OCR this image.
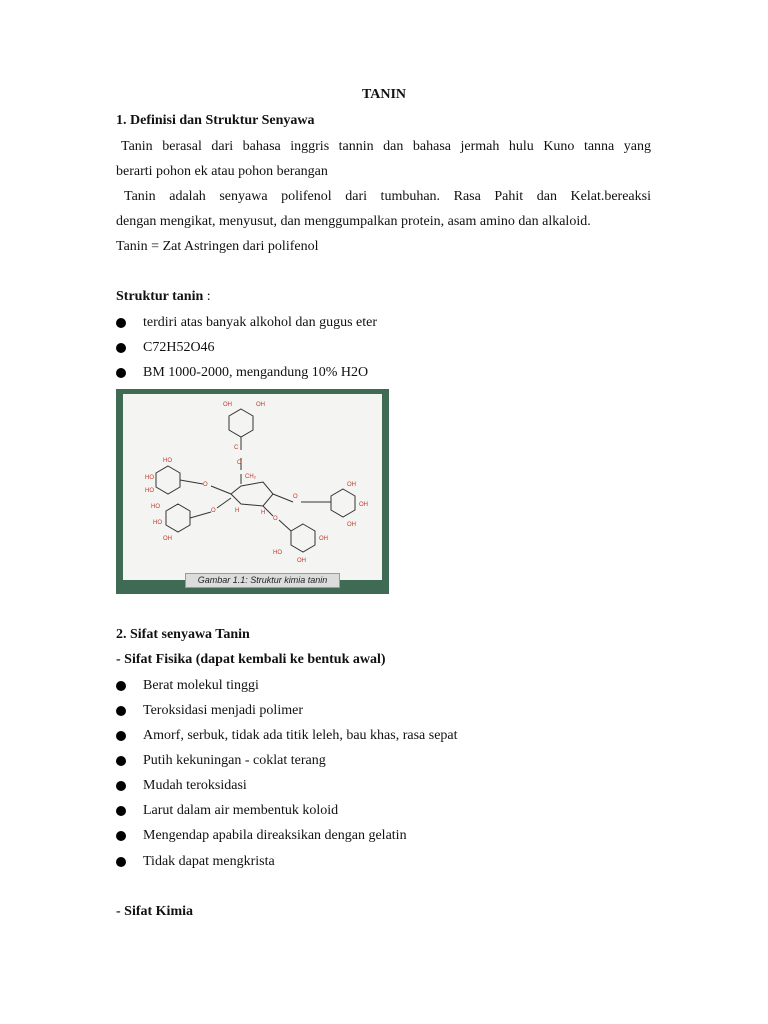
TANIN
1. Definisi dan Struktur Senyawa
Tanin berasal dari bahasa inggris tannin dan bahasa jermah hulu Kuno tanna yang
berarti pohon ek atau pohon berangan
Tanin adalah senyawa polifenol dari tumbuhan. Rasa Pahit dan Kelat.bereaksi
dengan mengikat, menyusut, dan menggumpalkan protein, asam amino dan alkaloid.
Tanin = Zat Astringen dari polifenol
Struktur tanin :
terdiri atas banyak alkohol dan gugus eter
C72H52O46
BM 1000-2000, mengandung 10% H2O
OH	OH
C
O
CH₂
HO
HO
HO
O
HO
HO
OH
O	H	H
O
OH
OH
OH
O
OH
OH
HO
Gambar 1.1: Struktur kimia tanin
2. Sifat senyawa Tanin
- Sifat Fisika (dapat kembali ke bentuk awal)
Berat molekul tinggi
Teroksidasi menjadi polimer
Amorf, serbuk, tidak ada titik leleh, bau khas, rasa sepat
Putih kekuningan - coklat terang
Mudah teroksidasi
Larut dalam air membentuk koloid
Mengendap apabila direaksikan dengan gelatin
Tidak dapat mengkrista
- Sifat Kimia
